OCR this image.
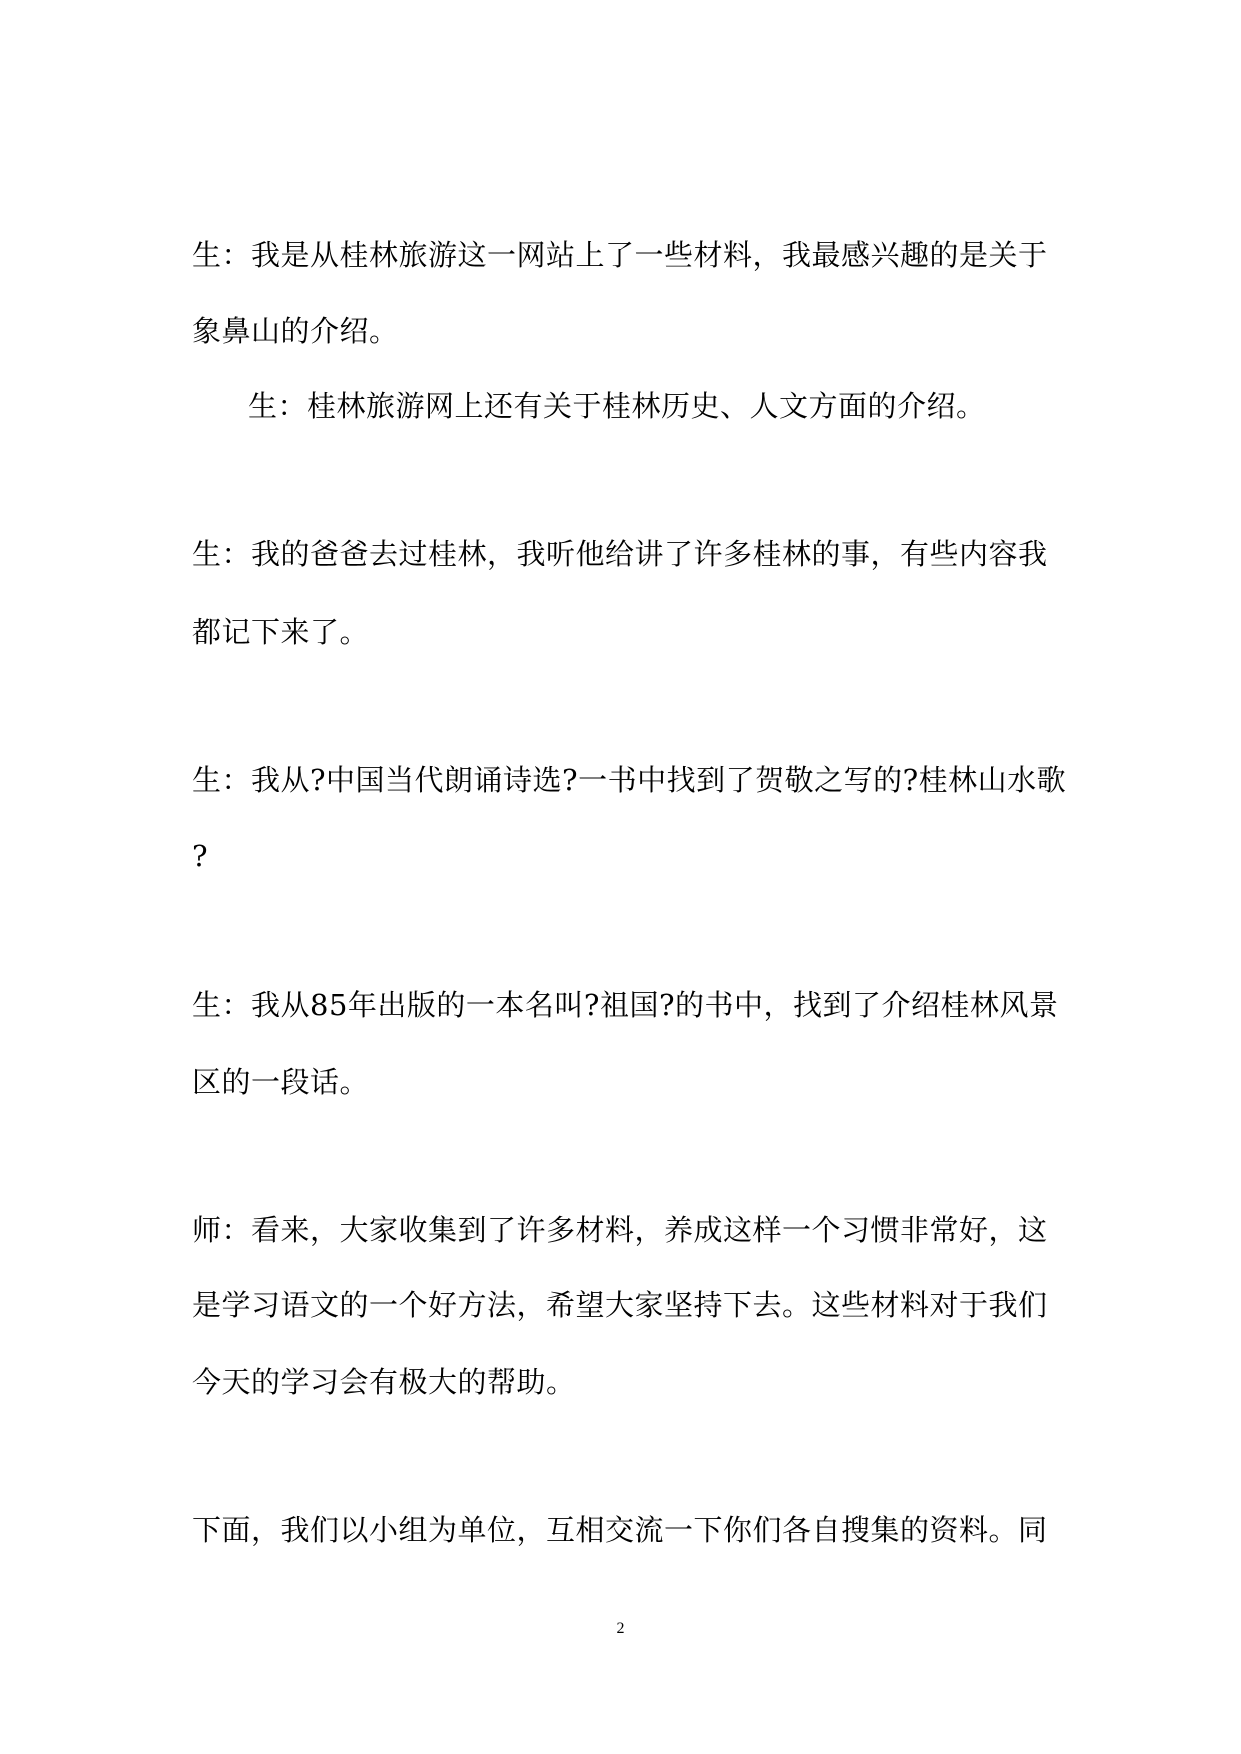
生：我是从桂林旅游这一网站上了一些材料，我最感兴趣的是关于
象鼻山的介绍。
生：桂林旅游网上还有关于桂林历史、人文方面的介绍。
生：我的爸爸去过桂林，我听他给讲了许多桂林的事，有些内容我
都记下来了。
生：我从?中国当代朗诵诗选?一书中找到了贺敬之写的?桂林山水歌
?
生：我从85年出版的一本名叫?祖国?的书中，找到了介绍桂林风景
区的一段话。
师：看来，大家收集到了许多材料，养成这样一个习惯非常好，这
是学习语文的一个好方法，希望大家坚持下去。这些材料对于我们
今天的学习会有极大的帮助。
下面，我们以小组为单位，互相交流一下你们各自搜集的资料。同
2
